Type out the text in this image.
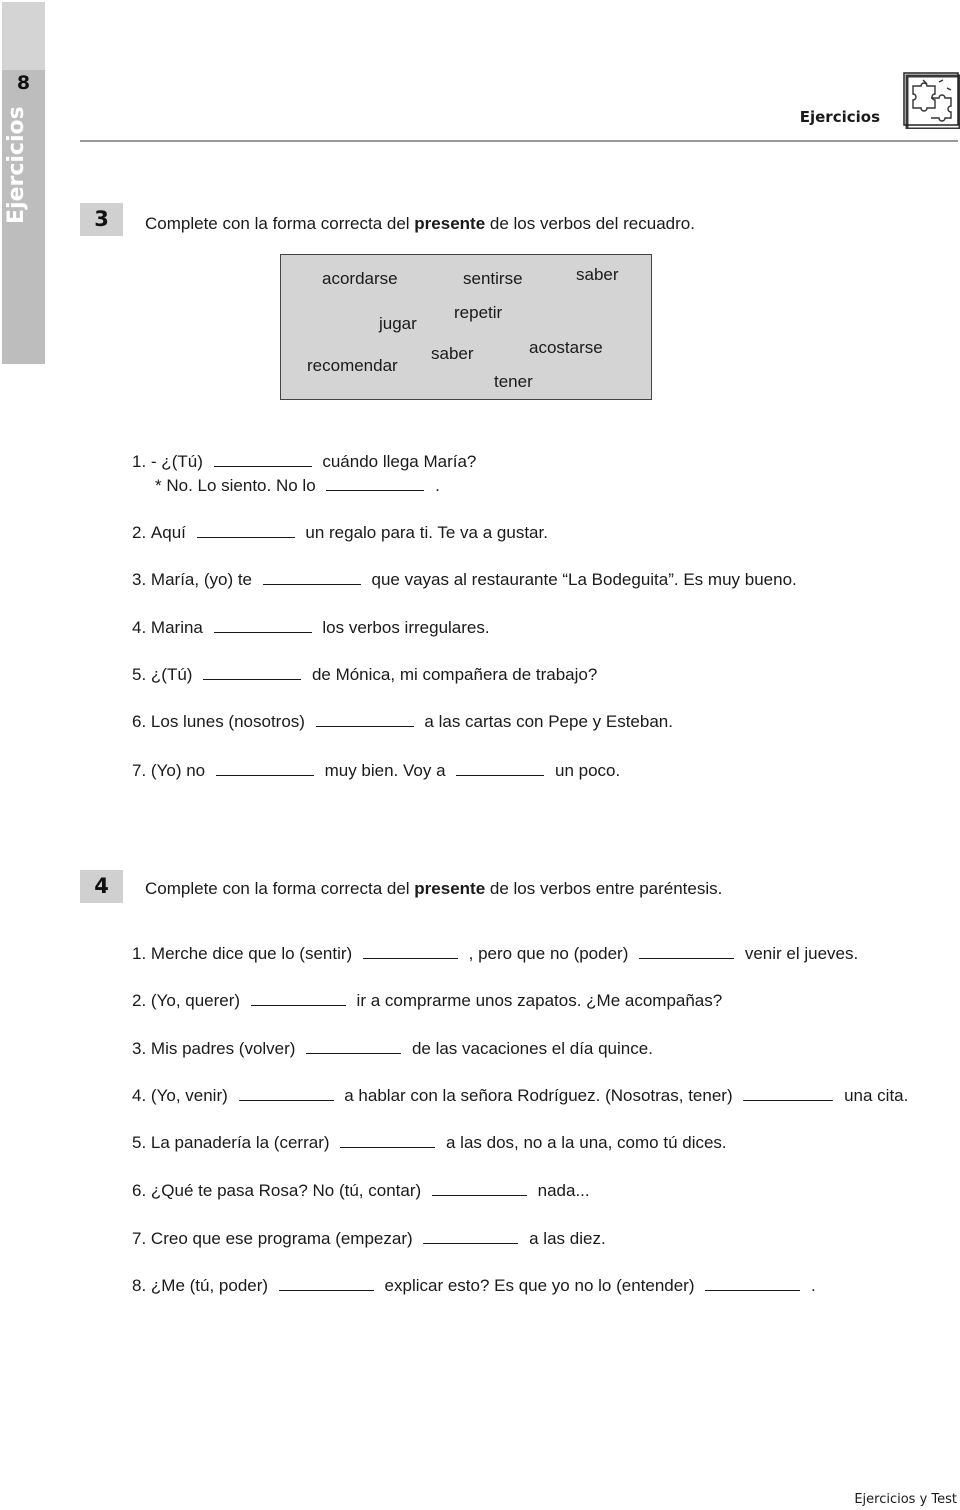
8
Ejercicios	Ejercicios
3	Complete con la forma correcta del presente de los verbos del recuadro.
acordarse	sentirse	saber
jugar
repetir
acostarse
saber
recomendar
tener
1. - ¿(Tú)	cuándo llega María?
* No. Lo siento. No lo	.
2. Aquí	un regalo para ti. Te va a gustar.
3. María, (yo) te	que vayas al restaurante “La Bodeguita”. Es muy bueno.
4. Marina	los verbos irregulares.
5. ¿(Tú)	de Mónica, mi compañera de trabajo?
6. Los lunes (nosotros)	a las cartas con Pepe y Esteban.
7. (Yo) no	muy bien. Voy a	un poco.
4	Complete con la forma correcta del presente de los verbos entre paréntesis.
1. Merche dice que lo (sentir)	, pero que no (poder)	venir el jueves.
2. (Yo, querer)	ir a comprarme unos zapatos. ¿Me acompañas?
3. Mis padres (volver)	de las vacaciones el día quince.
4. (Yo, venir)	a hablar con la señora Rodríguez. (Nosotras, tener)	una cita.
5. La panadería la (cerrar)	a las dos, no a la una, como tú dices.
6. ¿Qué te pasa Rosa? No (tú, contar)	nada...
7. Creo que ese programa (empezar)	a las diez.
8. ¿Me (tú, poder)	explicar esto? Es que yo no lo (entender)	.
Ejercicios y Test
